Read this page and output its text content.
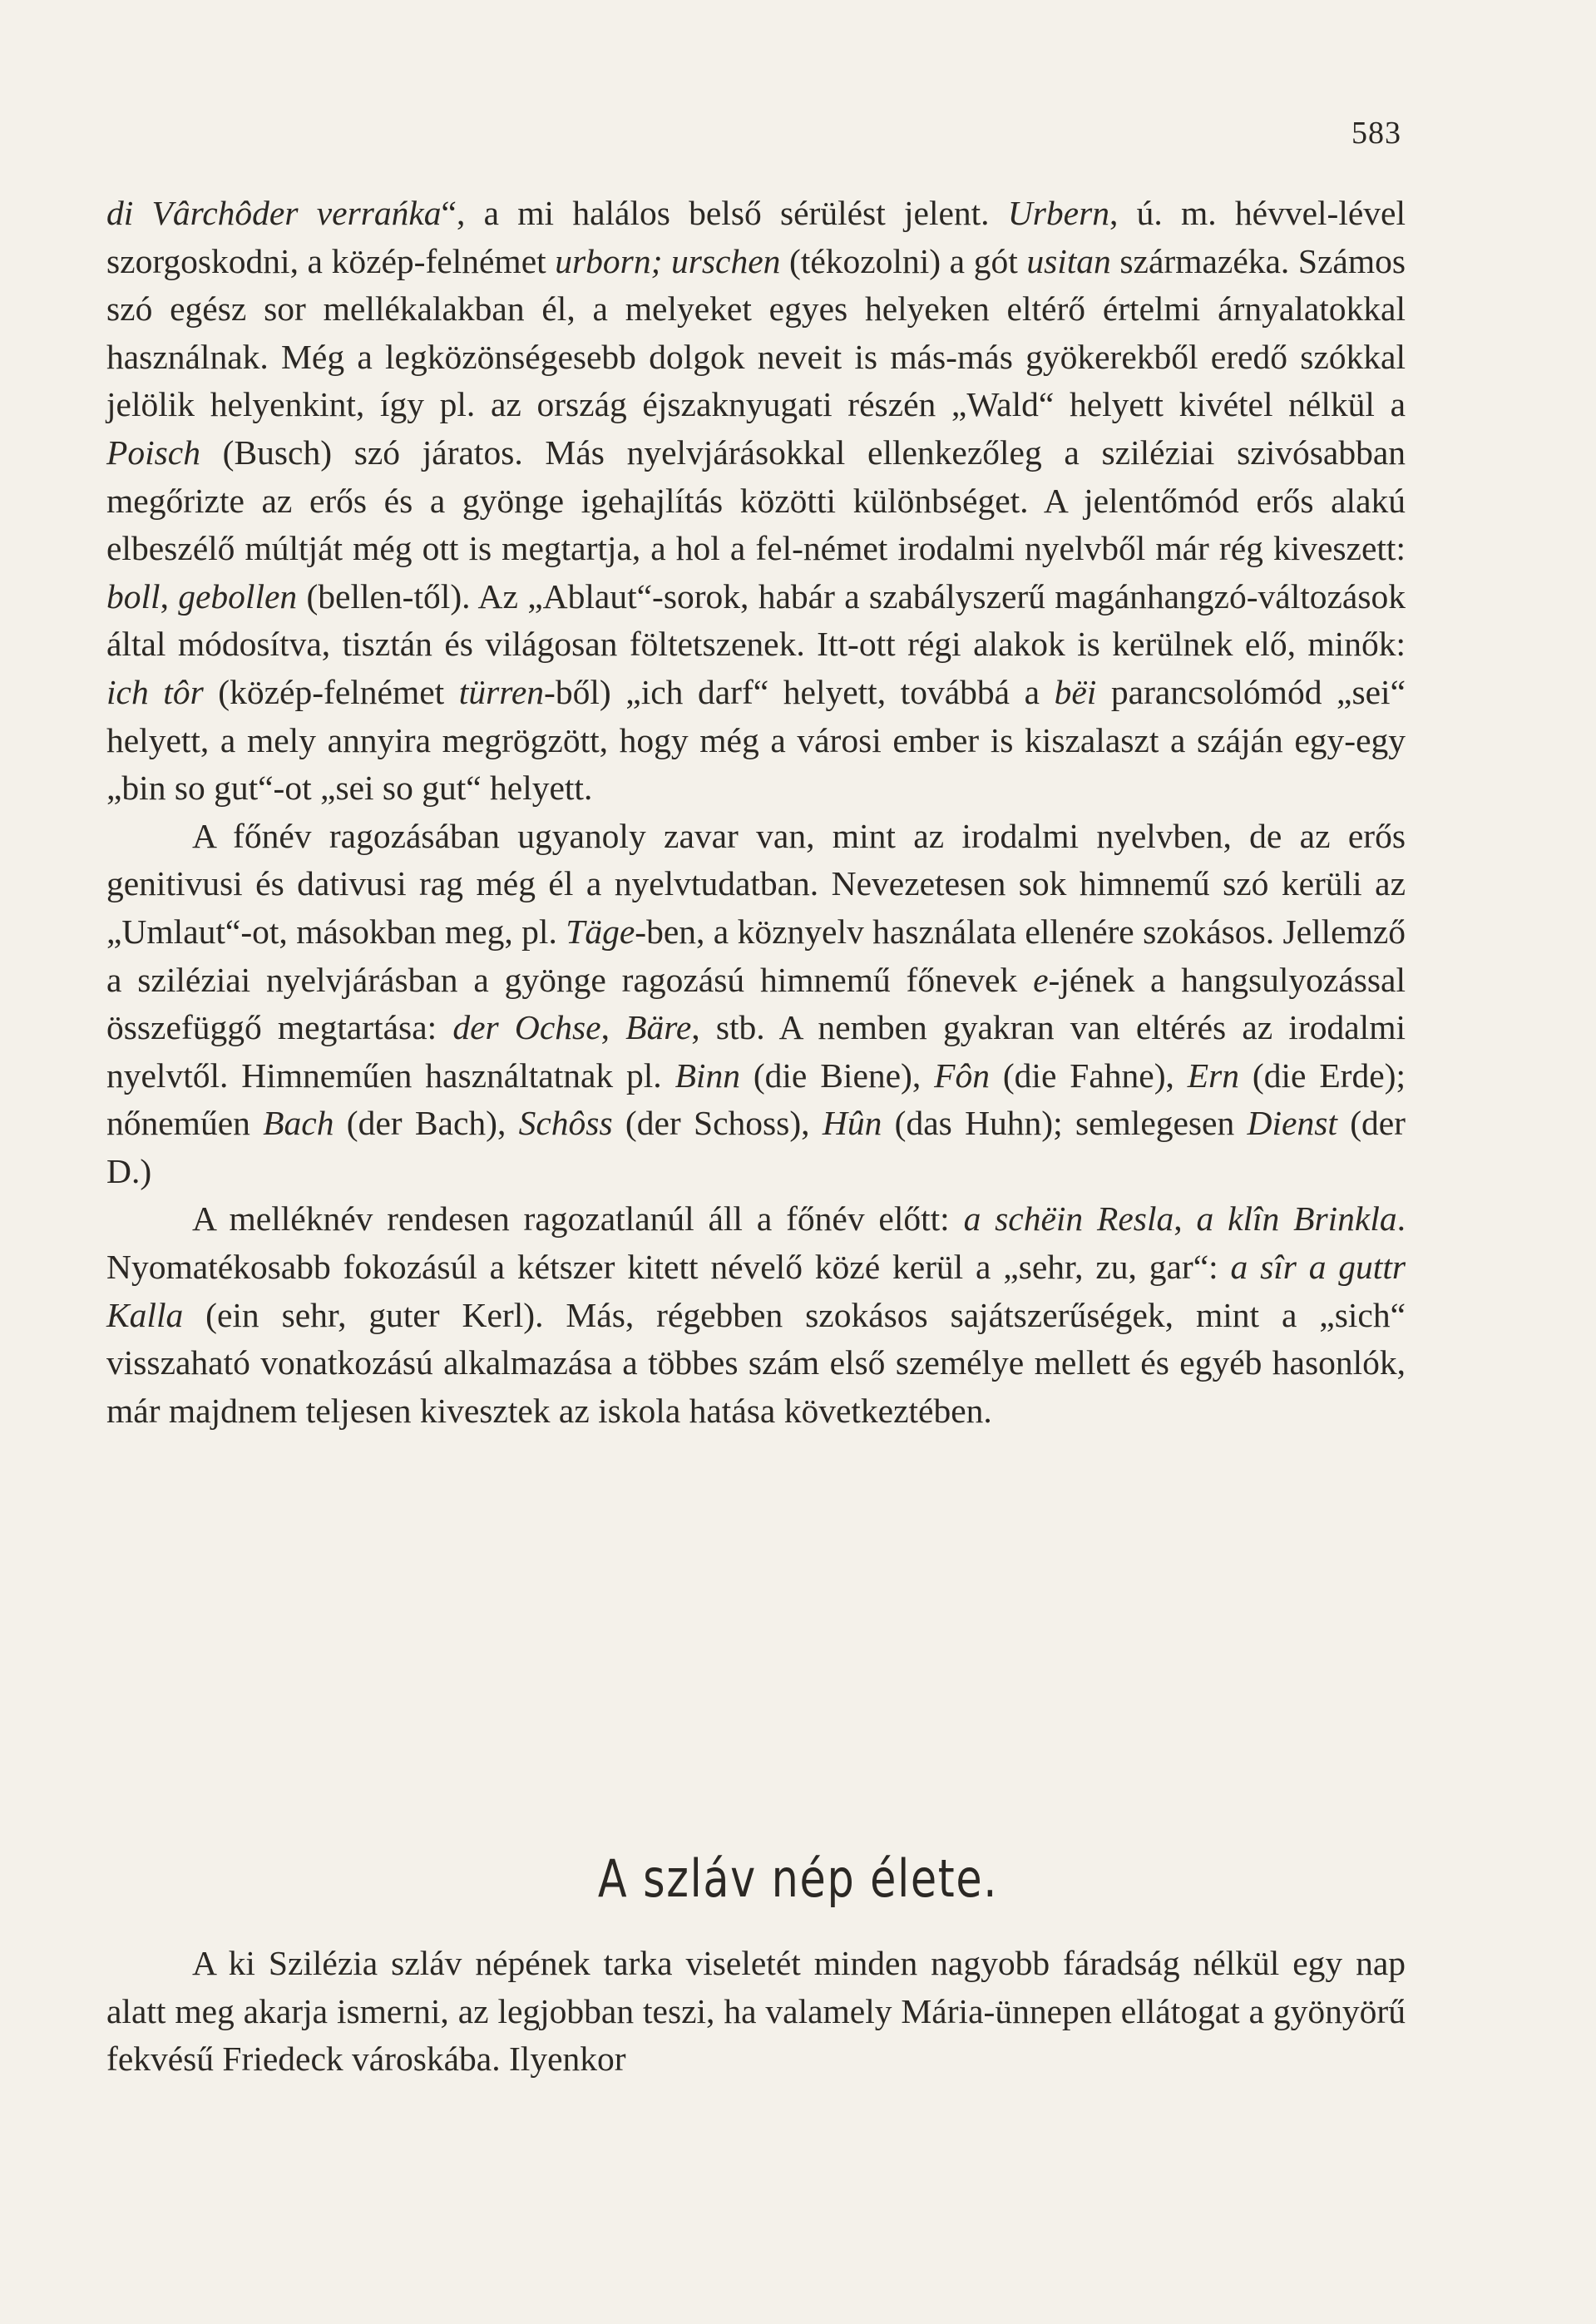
583

di Vârchôder verrańka“, a mi halálos belső sérülést jelent. Urbern, ú. m. hévvel-lével szorgoskodni, a közép-felnémet urborn; urschen (tékozolni) a gót usitan származéka. Számos szó egész sor mellékalakban él, a melyeket egyes helyeken eltérő értelmi árnyalatokkal használnak. Még a legközönségesebb dolgok neveit is más-más gyökerekből eredő szókkal jelölik helyenkint, így pl. az ország éjszaknyugati részén „Wald“ helyett kivétel nélkül a Poisch (Busch) szó járatos. Más nyelvjárásokkal ellenkezőleg a sziléziai szivósabban megőrizte az erős és a gyönge igehajlítás közötti különbséget. A jelentőmód erős alakú elbeszélő múltját még ott is megtartja, a hol a fel-német irodalmi nyelvből már rég kiveszett: boll, gebollen (bellen-től). Az „Ablaut“-sorok, habár a szabályszerű magánhangzó-változások által módosítva, tisztán és világosan föltetszenek. Itt-ott régi alakok is kerülnek elő, minők: ich tôr (közép-felnémet türren-ből) „ich darf“ helyett, továbbá a bëi parancsolómód „sei“ helyett, a mely annyira megrögzött, hogy még a városi ember is kiszalaszt a száján egy-egy „bin so gut“-ot „sei so gut“ helyett.

A főnév ragozásában ugyanoly zavar van, mint az irodalmi nyelvben, de az erős genitivusi és dativusi rag még él a nyelvtudatban. Nevezetesen sok himnemű szó kerüli az „Umlaut“-ot, másokban meg, pl. Täge-ben, a köznyelv használata ellenére szokásos. Jellemző a sziléziai nyelvjárásban a gyönge ragozású himnemű főnevek e-jének a hangsulyozással összefüggő megtartása: der Ochse, Bäre, stb. A nemben gyakran van eltérés az irodalmi nyelvtől. Himneműen használtatnak pl. Binn (die Biene), Fôn (die Fahne), Ern (die Erde); nőneműen Bach (der Bach), Schôss (der Schoss), Hûn (das Huhn); semlegesen Dienst (der D.)

A melléknév rendesen ragozatlanúl áll a főnév előtt: a schëin Resla, a klîn Brinkla. Nyomatékosabb fokozásúl a kétszer kitett névelő közé kerül a „sehr, zu, gar“: a sîr a guttr Kalla (ein sehr, guter Kerl). Más, régebben szokásos sajátszerűségek, mint a „sich“ visszaható vonatkozású alkalmazása a többes szám első személye mellett és egyéb hasonlók, már majdnem teljesen kivesztek az iskola hatása következtében.

A szláv nép élete.

A ki Szilézia szláv népének tarka viseletét minden nagyobb fáradság nélkül egy nap alatt meg akarja ismerni, az legjobban teszi, ha valamely Mária-ünnepen ellátogat a gyönyörű fekvésű Friedeck városkába. Ilyenkor
